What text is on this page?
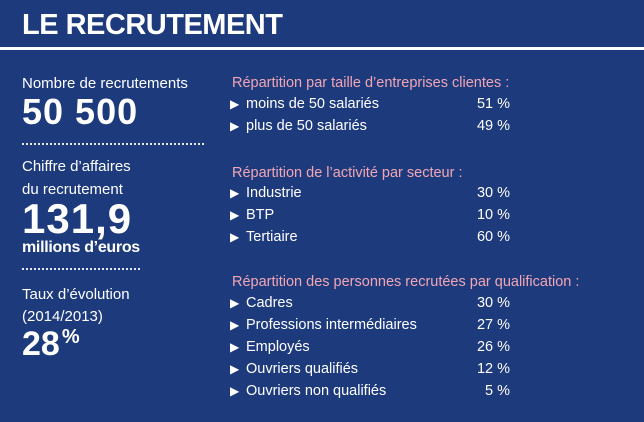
LE RECRUTEMENT
Nombre de recrutements
50 500
Chiffre d’affaires
du recrutement
131,9
millions d’euros
Taux d’évolution
(2014/2013)
28 %
Répartition par taille d’entreprises clientes :
▶ moins de 50 salariés	51 %
▶ plus de 50 salariés	49 %
Répartition de l’activité par secteur :
▶ Industrie	30 %
▶ BTP	10 %
▶ Tertiaire	60 %
Répartition des personnes recrutées par qualification :
▶ Cadres	30 %
▶ Professions intermédiaires	27 %
▶ Employés	26 %
▶ Ouvriers qualifiés	12 %
▶ Ouvriers non qualifiés	5 %
